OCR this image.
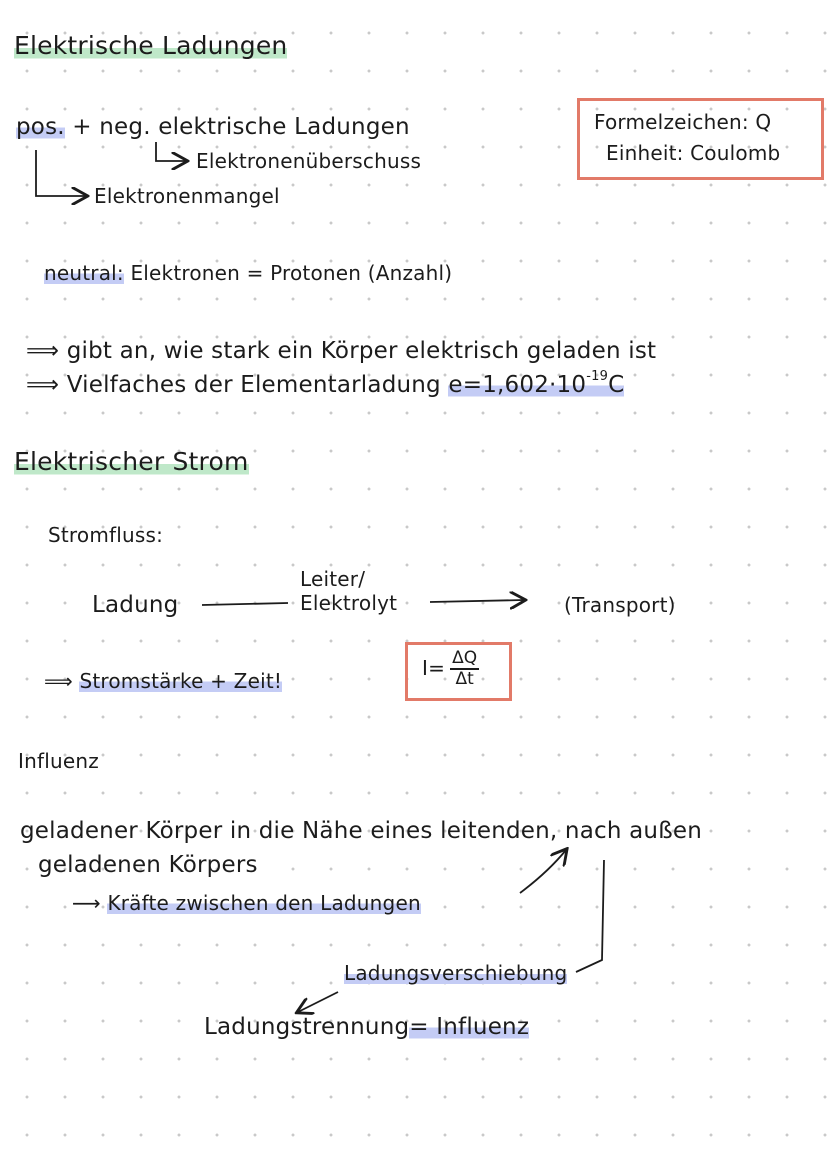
Elektrische Ladungen
pos. + neg. elektrische Ladungen
Elektronenüberschuss
Elektronenmangel
Formelzeichen: Q
Einheit: Coulomb
neutral: Elektronen = Protonen (Anzahl)
⟹ gibt an, wie stark ein Körper elektrisch geladen ist
⟹ Vielfaches der Elementarladung $e=1,602\cdot 10^{-19}C$
Elektrischer Strom
Stromfluss:
Ladung
Leiter/
Elektrolyt	(Transport)
⟹ Stromstärke + Zeit!
$I= \frac{\Delta Q}{\Delta t}$
Influenz
geladener Körper in die Nähe eines leitenden, nach außen
geladenen Körpers
⟶ Kräfte zwischen den Ladungen
Ladungsverschiebung
Ladungstrennung= Influenz
